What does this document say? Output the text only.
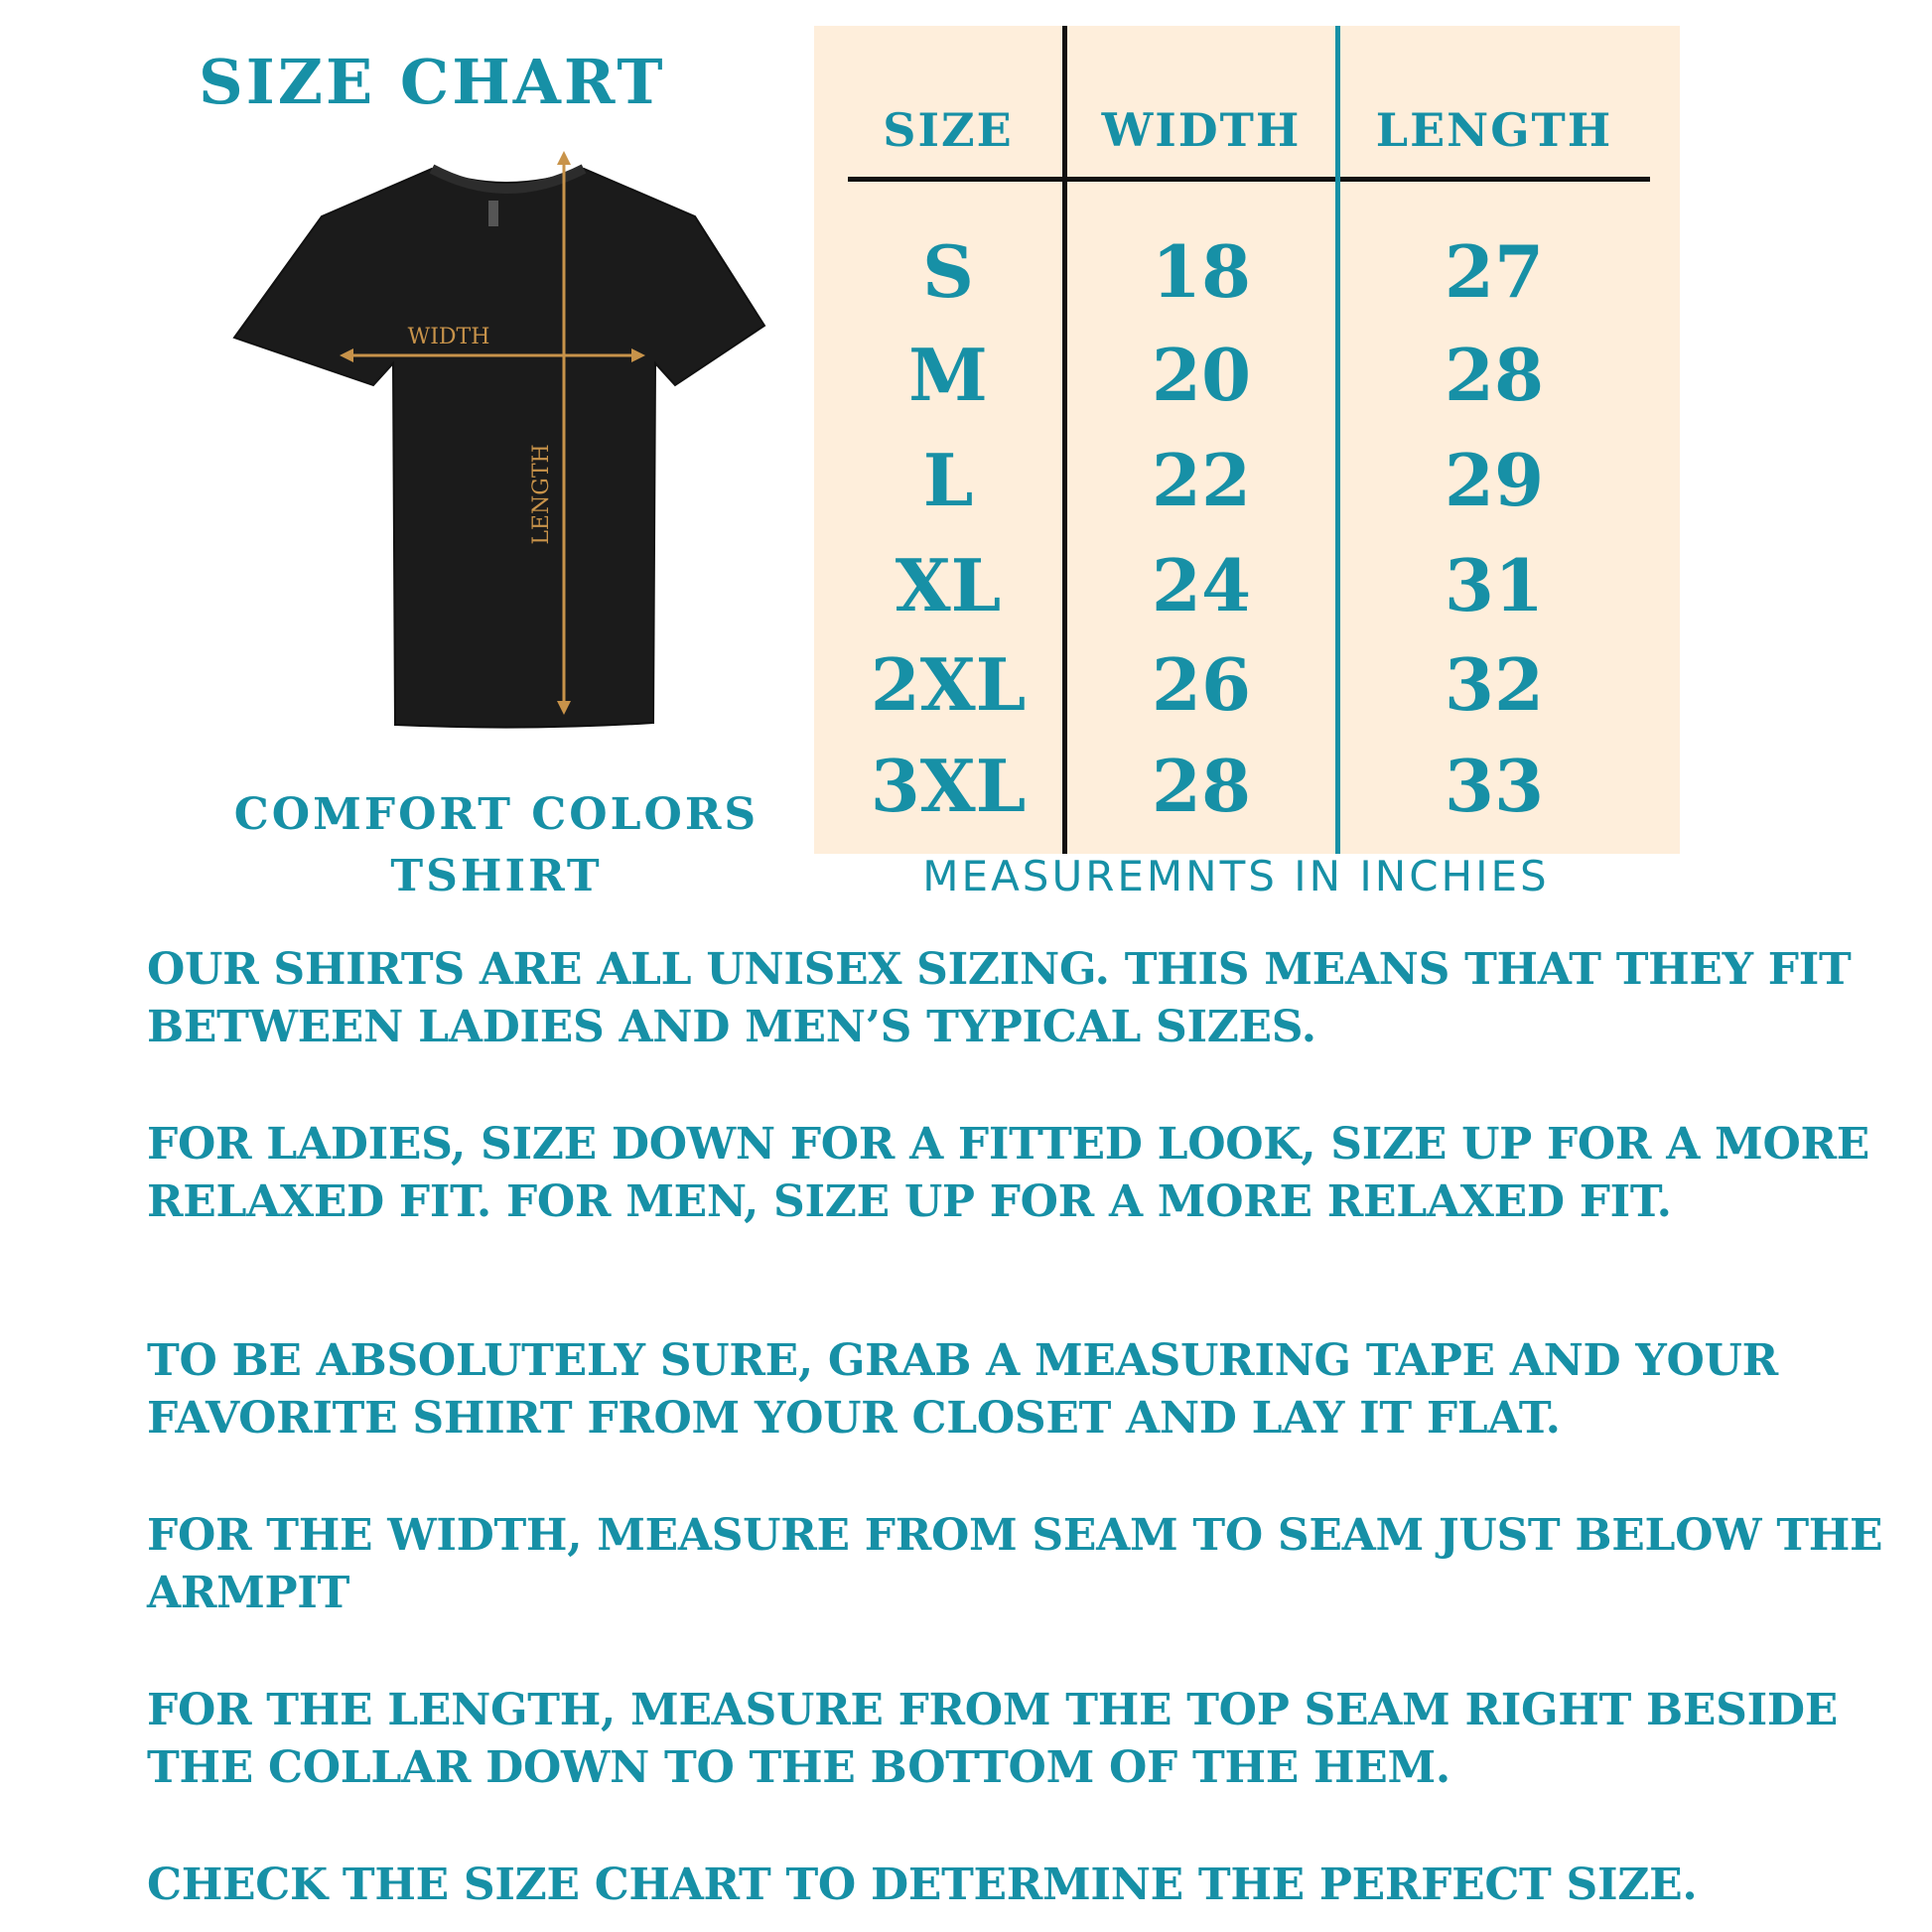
SIZE CHART
WIDTH
LENGTH
COMFORT COLORS
TSHIRT
SIZE	WIDTH	LENGTH
S	18	27
M	20	28
L	22	29
XL	24	31
2XL	26	32
3XL	28	33
MEASUREMNTS IN INCHIES

OUR SHIRTS ARE ALL UNISEX SIZING. THIS MEANS THAT THEY FIT BETWEEN LADIES AND MEN’S TYPICAL SIZES.

FOR LADIES, SIZE DOWN FOR A FITTED LOOK, SIZE UP FOR A MORE RELAXED FIT. FOR MEN, SIZE UP FOR A MORE RELAXED FIT.

TO BE ABSOLUTELY SURE, GRAB A MEASURING TAPE AND YOUR FAVORITE SHIRT FROM YOUR CLOSET AND LAY IT FLAT.

FOR THE WIDTH, MEASURE FROM SEAM TO SEAM JUST BELOW THE ARMPIT

FOR THE LENGTH, MEASURE FROM THE TOP SEAM RIGHT BESIDE THE COLLAR DOWN TO THE BOTTOM OF THE HEM.

CHECK THE SIZE CHART TO DETERMINE THE PERFECT SIZE.
